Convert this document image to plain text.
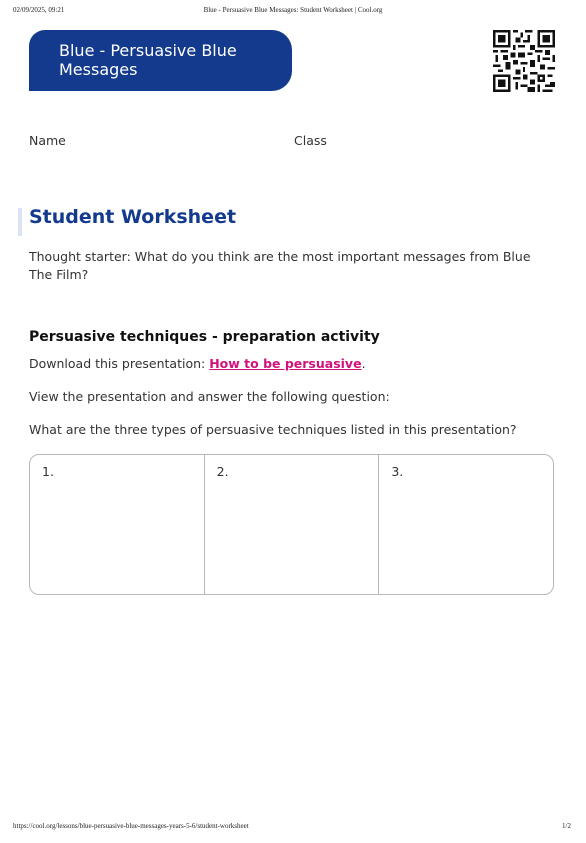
02/09/2025, 09:21	Blue - Persuasive Blue Messages: Student Worksheet | Cool.org
Blue - Persuasive Blue Messages
Name	Class
Student Worksheet

Thought starter: What do you think are the most important messages from Blue The Film?

Persuasive techniques - preparation activity

Download this presentation: How to be persuasive.

View the presentation and answer the following question:

What are the three types of persuasive techniques listed in this presentation?

1.	2.	3.
https://cool.org/lessons/blue-persuasive-blue-messages-years-5-6/student-worksheet	1/2
